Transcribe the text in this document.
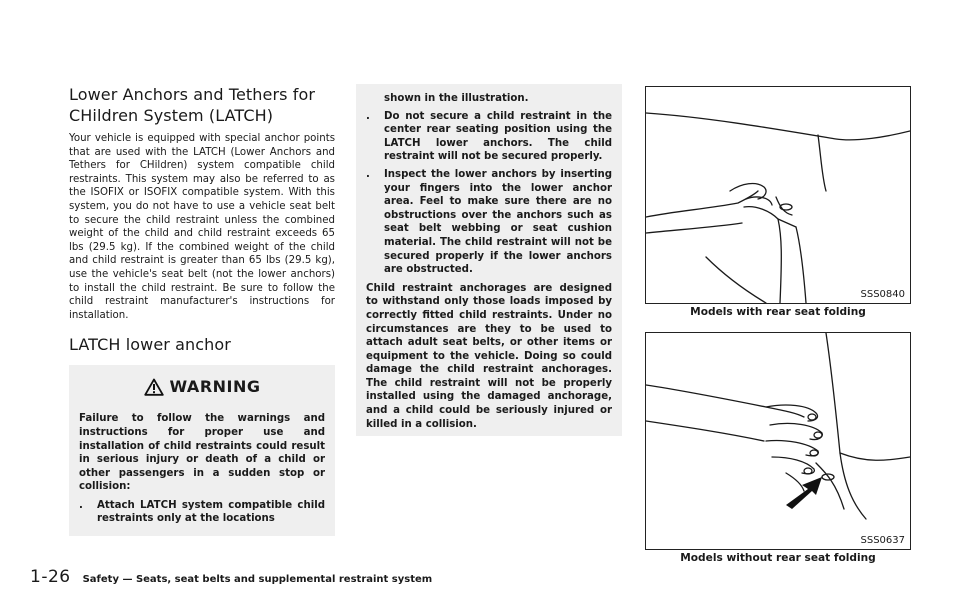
Lower Anchors and Tethers for CHildren System (LATCH)

Your vehicle is equipped with special anchor points that are used with the LATCH (Lower Anchors and Tethers for CHildren) system compatible child restraints. This system may also be referred to as the ISOFIX or ISOFIX compatible system. With this system, you do not have to use a vehicle seat belt to secure the child restraint unless the combined weight of the child and child restraint exceeds 65 lbs (29.5 kg). If the combined weight of the child and child restraint is greater than 65 lbs (29.5 kg), use the vehicle's seat belt (not the lower anchors) to install the child restraint. Be sure to follow the child restraint manufacturer's instructions for installation.

LATCH lower anchor
WARNING

Failure to follow the warnings and instructions for proper use and installation of child restraints could result in serious injury or death of a child or other passengers in a sudden stop or collision:

.	Attach LATCH system compatible child restraints only at the locations

shown in the illustration.

.	Do not secure a child restraint in the center rear seating position using the LATCH lower anchors. The child restraint will not be secured properly.
.	Inspect the lower anchors by inserting your fingers into the lower anchor area. Feel to make sure there are no obstructions over the anchors such as seat belt webbing or seat cushion material. The child restraint will not be secured properly if the lower anchors are obstructed.

Child restraint anchorages are designed to withstand only those loads imposed by correctly fitted child restraints. Under no circumstances are they to be used to attach adult seat belts, or other items or equipment to the vehicle. Doing so could damage the child restraint anchorages. The child restraint will not be properly installed using the damaged anchorage, and a child could be seriously injured or killed in a collision.

SSS0840
Models with rear seat folding
SSS0637
Models without rear seat folding
1-26 Safety — Seats, seat belts and supplemental restraint system
